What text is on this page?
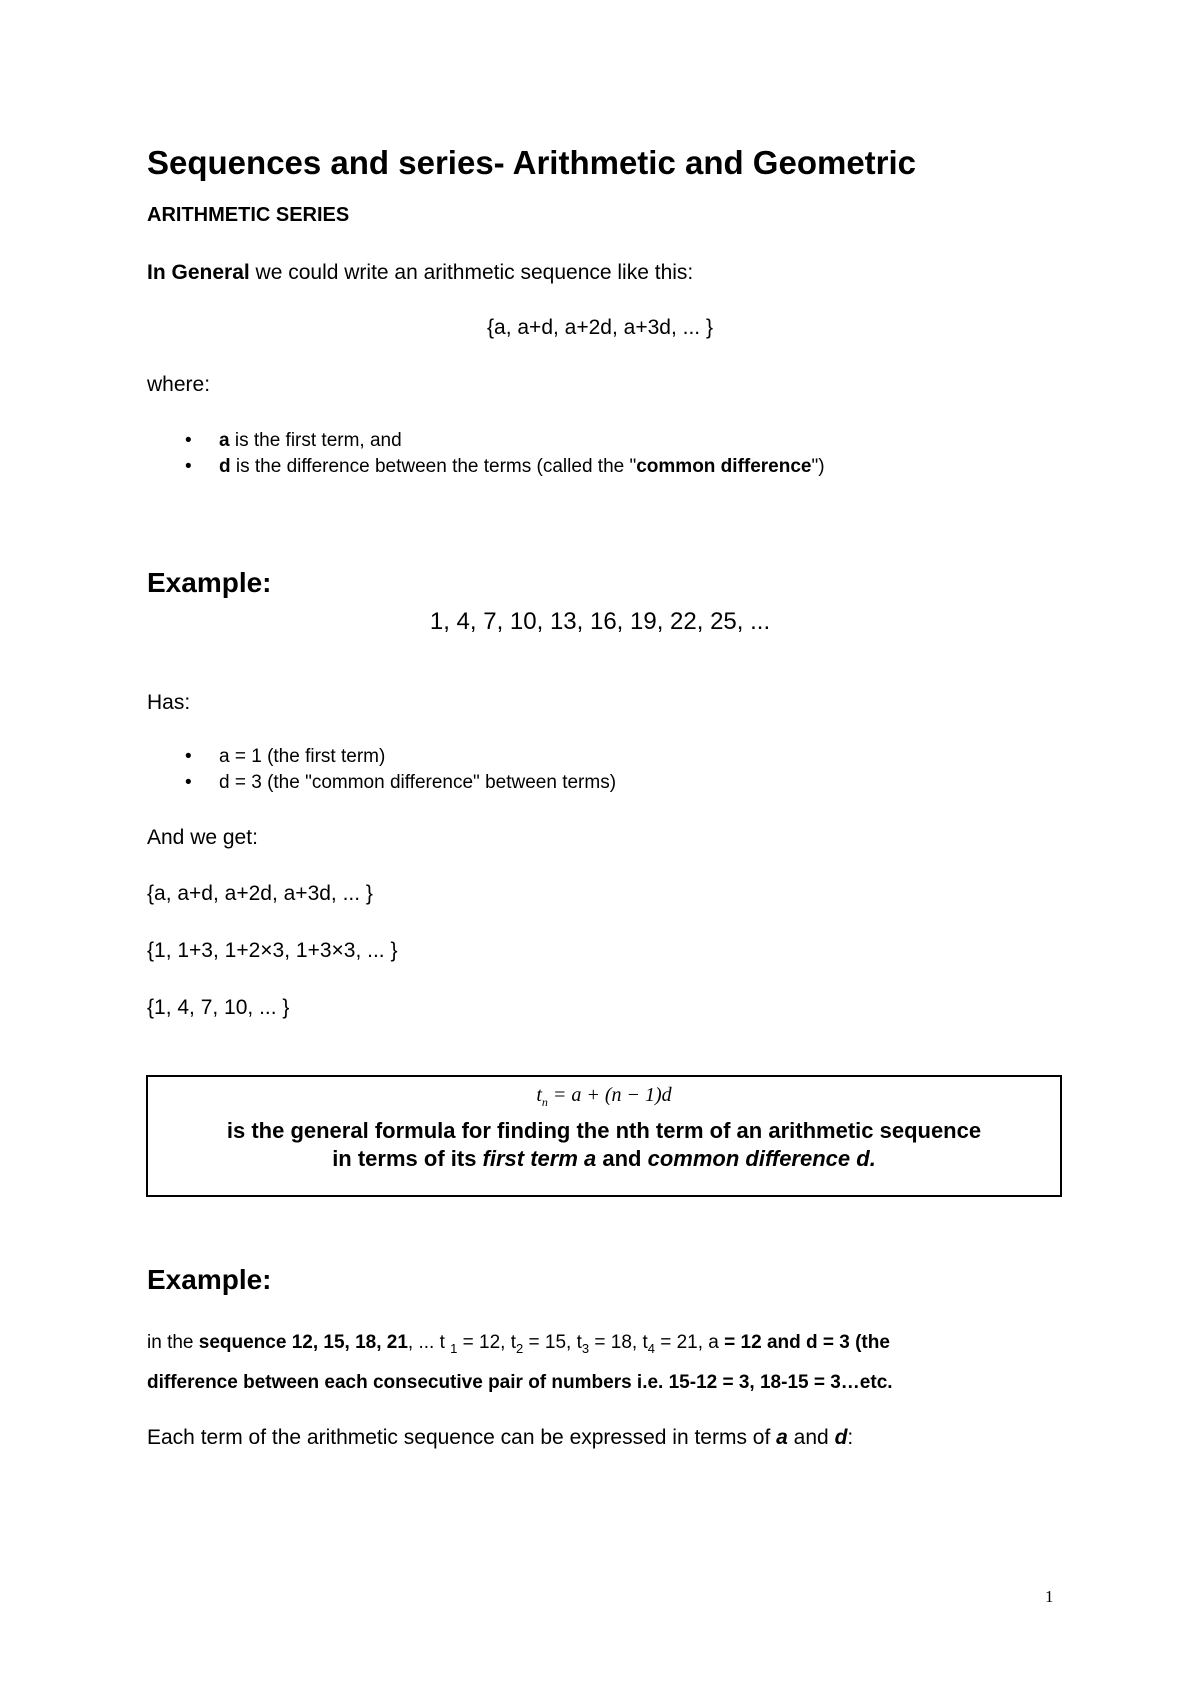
Sequences and series- Arithmetic and Geometric
ARITHMETIC SERIES
In General we could write an arithmetic sequence like this:
{a, a+d, a+2d, a+3d, ... }
where:
• a is the first term, and
• d is the difference between the terms (called the "common difference")
Example:
1, 4, 7, 10, 13, 16, 19, 22, 25, ...
Has:
• a = 1 (the first term)
• d = 3 (the "common difference" between terms)
And we get:
{a, a+d, a+2d, a+3d, ... }
{1, 1+3, 1+2×3, 1+3×3, ... }
{1, 4, 7, 10, ... }
$t_n = a + (n - 1)d$
is the general formula for finding the nth term of an arithmetic sequence
in terms of its first term a and common difference d.
Example:
in the sequence 12, 15, 18, 21, ... t $_1$ = 12, $t_2 = 15$, $t_3 = 18$, $t_4 = 21$, a = 12 and d = 3 (the
difference between each consecutive pair of numbers i.e. 15-12 = 3, 18-15 = 3…etc.
Each term of the arithmetic sequence can be expressed in terms of a and d:
1
